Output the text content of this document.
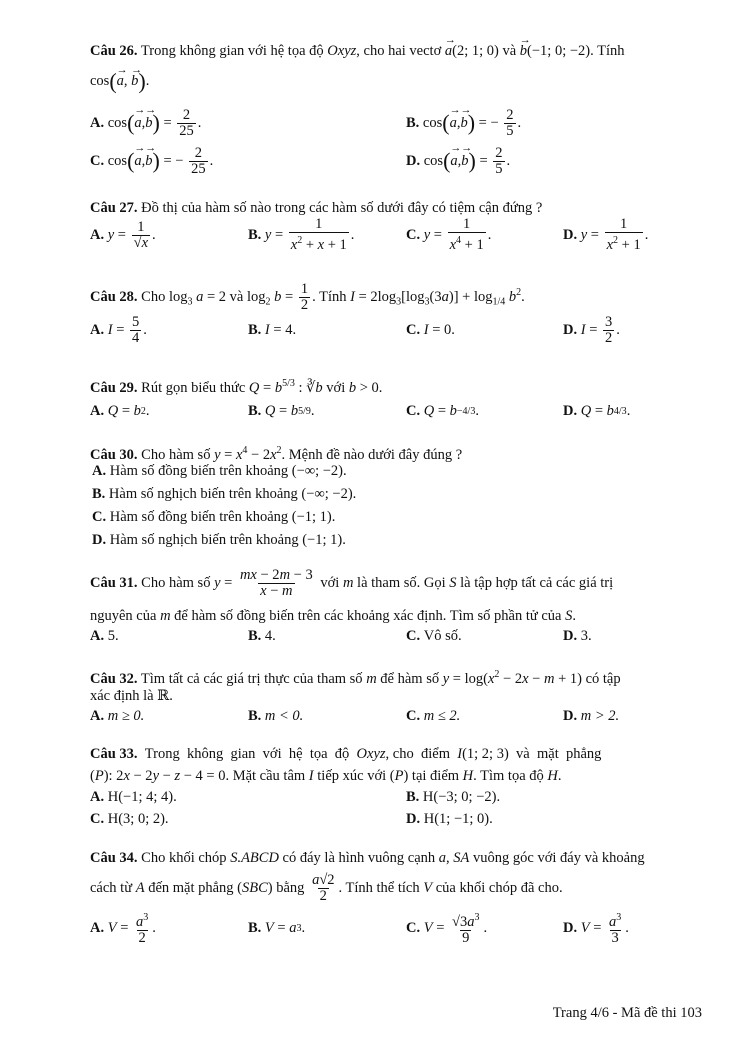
Câu 26. Trong không gian với hệ tọa độ Oxyz, cho hai vectơ → a(2; 1; 0) và → b(−1; 0; −2). Tính
cos(→ a, → b).
A. cos ( → a , → b ) = $\frac{2}{25}$ .	B. cos ( → a , → b ) = − $\frac{2}{5}$ .
C. cos ( → a , → b ) = − $\frac{2}{25}$ .	D. cos ( → a , → b ) = $\frac{2}{5}$ .
Câu 27. Đồ thị của hàm số nào trong các hàm số dưới đây có tiệm cận đứng ?
A.
$y = \frac{1}{√x}$ .	B.
$y = \frac{1}{x^2 + x + 1}$ .	C.
$y = \frac{1}{x^4 + 1}$ .	D.
$y = \frac{1}{x^2 + 1}$ .
Câu 28. Cho $\log_3 a = 2$ và $\log_2 b = \frac{1}{2}$ . Tính $I = 2\log_3[\log_3(3a)] + \log_{1/4} b^2$.
A.
$I = \frac{5}{4}$ .	B.
I = 4.	C.
I = 0.	D.
$I = \frac{3}{2}$ .
Câu 29. Rút gọn biểu thức $Q = b^{5/3}$ : ∛b với b > 0.
A.
Q = b 2 .	B.
Q = b 5/9 .	C.
Q = b −4/3 .	D.
Q = b 4/3 .
Câu 30. Cho hàm số $y = x^4 - 2x^2$. Mệnh đề nào dưới đây đúng ?
A. Hàm số đồng biến trên khoảng (−∞; −2).
B. Hàm số nghịch biến trên khoảng (−∞; −2).
C. Hàm số đồng biến trên khoảng (−1; 1).
D. Hàm số nghịch biến trên khoảng (−1; 1).
Câu 31. Cho hàm số $y = \frac{mx - 2m - 3}{x - m}$ với m là tham số. Gọi S là tập hợp tất cả các giá trị
nguyên của m để hàm số đồng biến trên các khoảng xác định. Tìm số phần tử của S.
A.
5.	B.
4.	C.
Vô số.	D.
3.
Câu 32. Tìm tất cả các giá trị thực của tham số m để hàm số $y = \log(x^2 - 2x - m + 1)$ có tập
xác định là ℝ.
A.
m ≥ 0.	B.
m < 0.	C.
m ≤ 2.	D.
m > 2.
Câu 33.  Trong  không  gian  với  hệ  tọa  độ  Oxyz, cho  điểm  I(1; 2; 3)  và  mặt  phẳng
(P): 2x − 2y − z − 4 = 0. Mặt cầu tâm I tiếp xúc với (P) tại điểm H. Tìm tọa độ H.
A.
H(−1; 4; 4).	B.
H(−3; 0; −2).
C.
H(3; 0; 2).	D.
H(1; −1; 0).
Câu 34. Cho khối chóp S.ABCD có đáy là hình vuông cạnh a, SA vuông góc với đáy và khoảng
cách từ A đến mặt phẳng (SBC) bằng $\frac{a√2}{2}$ . Tính thể tích V của khối chóp đã cho.
A.
$V = \frac{a^3}{2}$ .	B.
V = a 3 .	C.
$V = \frac{√3a^3}{9}$ .	D.
$V = \frac{a^3}{3}$ .
Trang 4/6 - Mã đề thi 103
